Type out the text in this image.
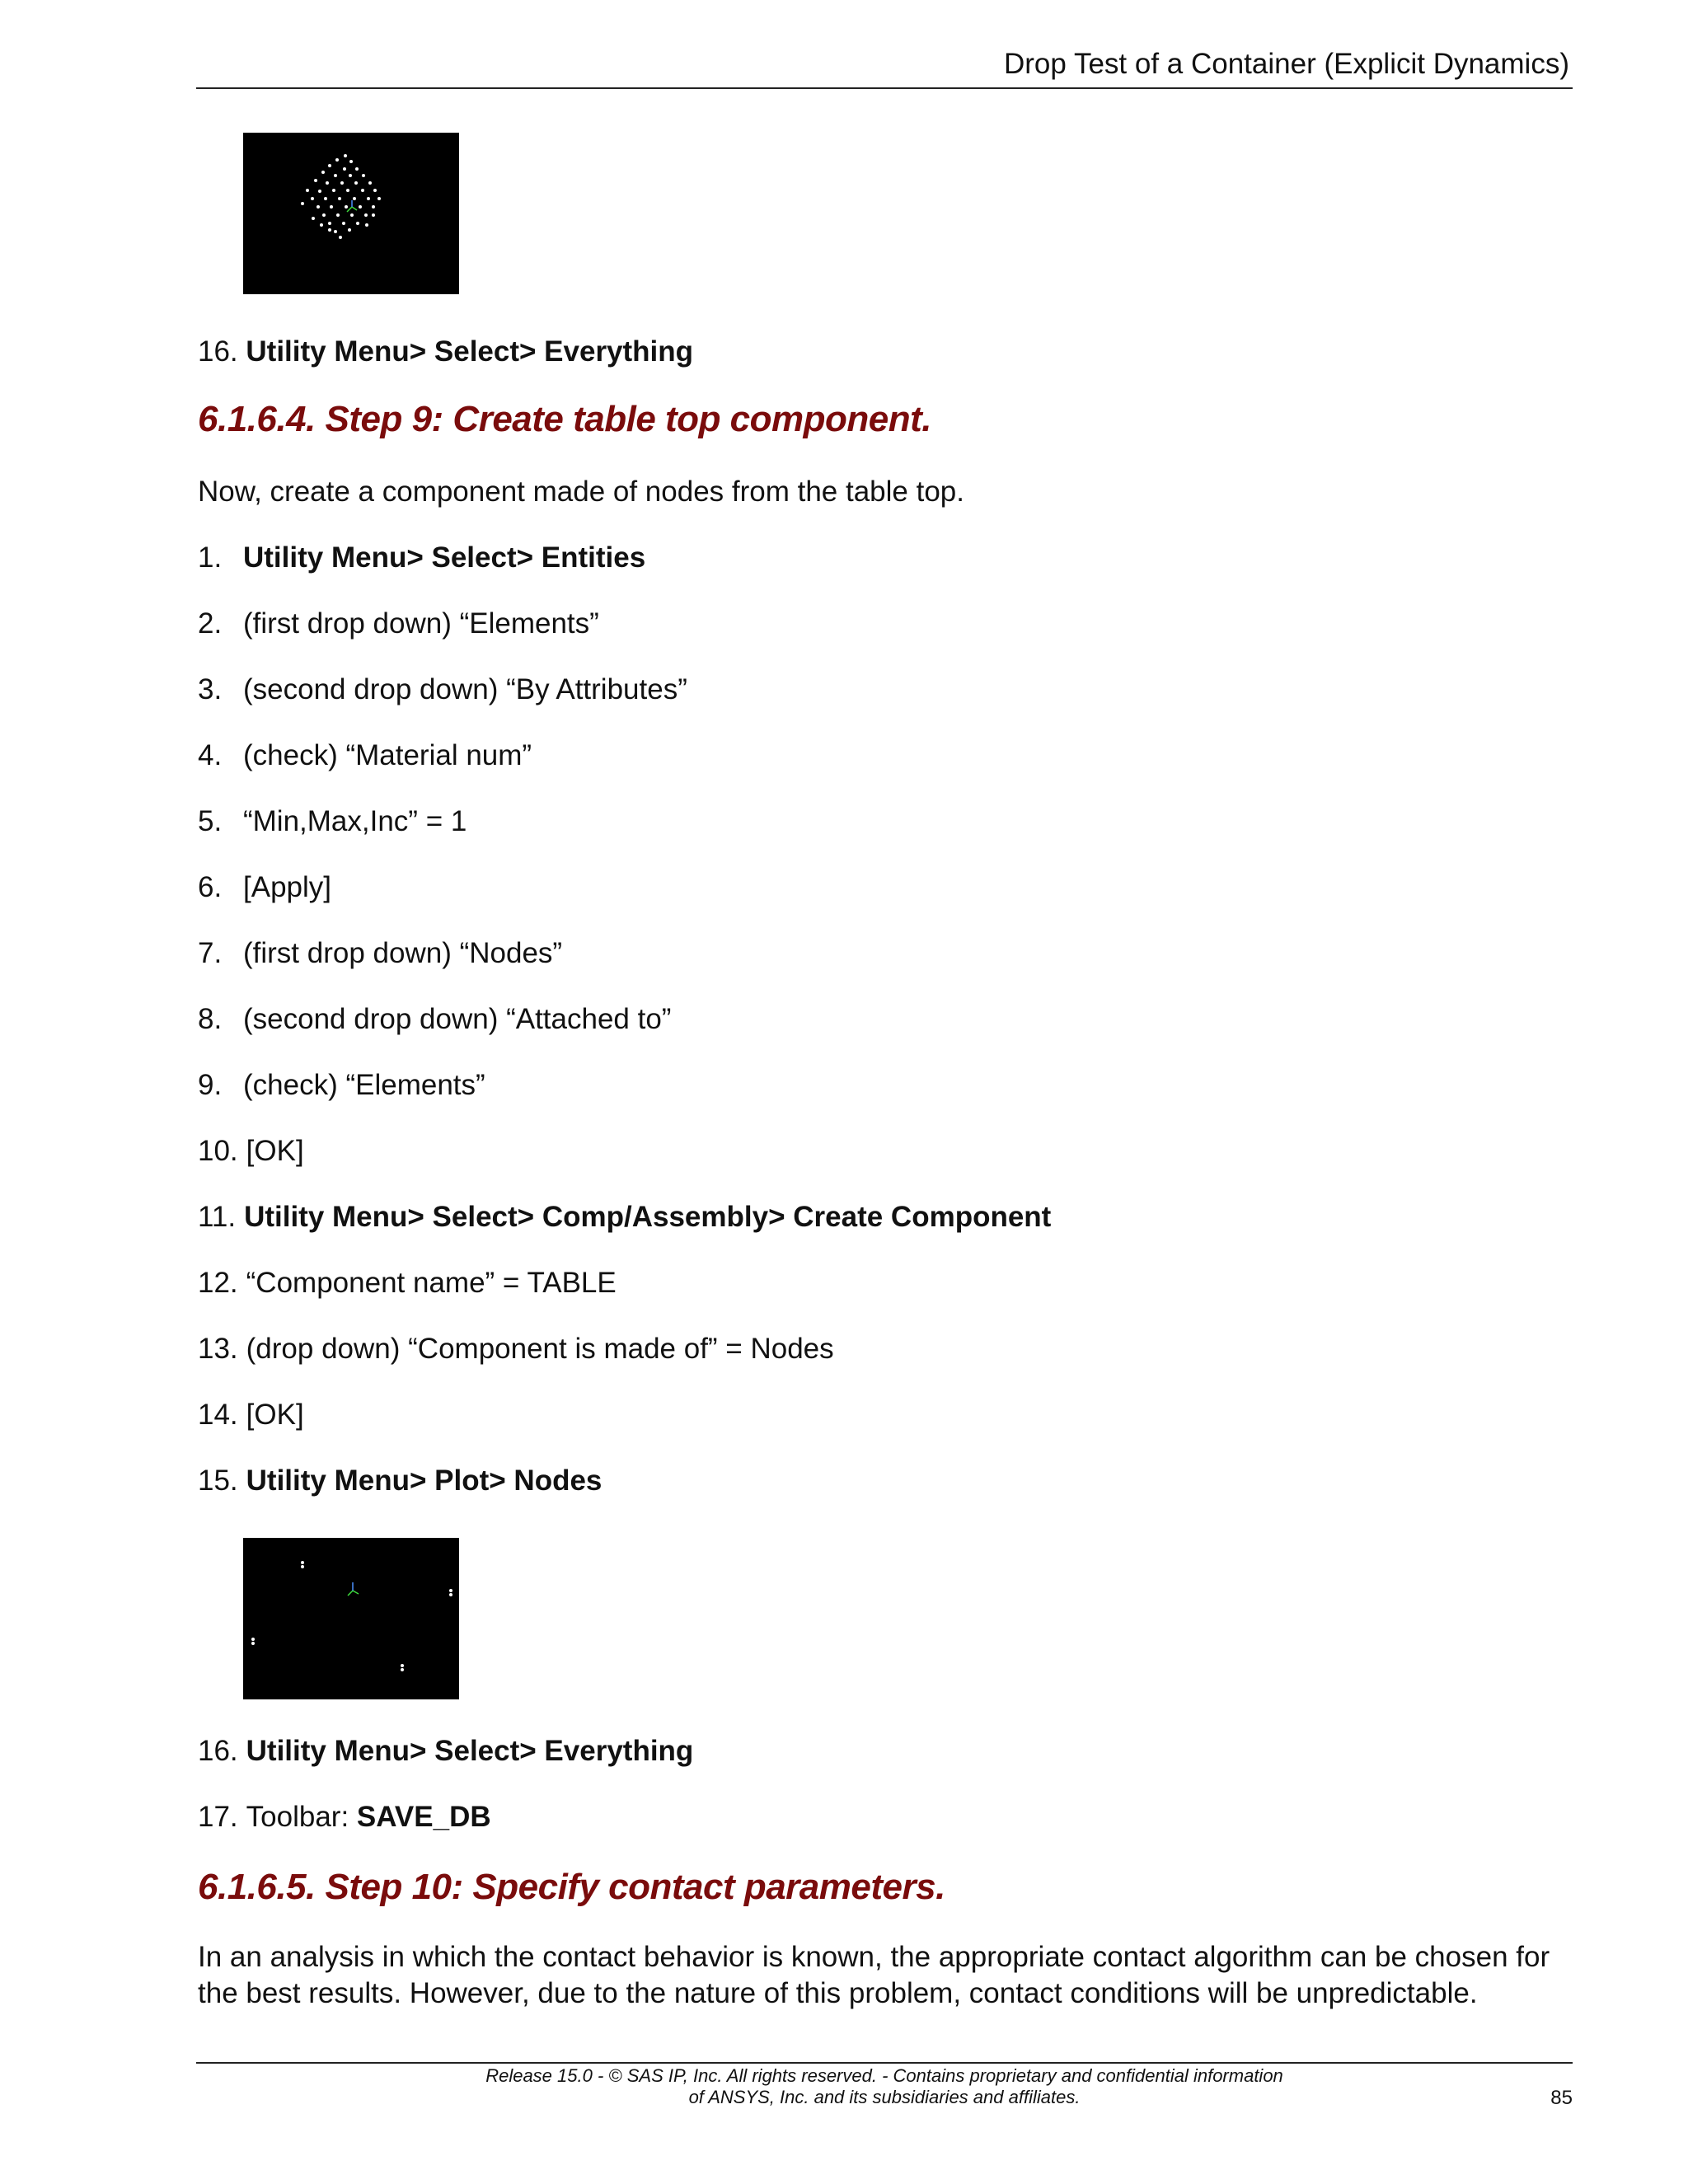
Drop Test of a Container (Explicit Dynamics)
16. Utility Menu> Select> Everything
6.1.6.4. Step 9: Create table top component.
Now, create a component made of nodes from the table top.
1. Utility Menu> Select> Entities
2. (first drop down) “Elements”
3. (second drop down) “By Attributes”
4. (check) “Material num”
5. “Min,Max,Inc” = 1
6. [Apply]
7. (first drop down) “Nodes”
8. (second drop down) “Attached to”
9. (check) “Elements”
10. [OK]
11. Utility Menu> Select> Comp/Assembly> Create Component
12. “Component name” = TABLE
13. (drop down) “Component is made of” = Nodes
14. [OK]
15. Utility Menu> Plot> Nodes
16. Utility Menu> Select> Everything
17. Toolbar: SAVE_DB
6.1.6.5. Step 10: Specify contact parameters.
In an analysis in which the contact behavior is known, the appropriate contact algorithm can be chosen for the best results. However, due to the nature of this problem, contact conditions will be unpredictable.
Release 15.0 - © SAS IP, Inc. All rights reserved. - Contains proprietary and confidential information
of ANSYS, Inc. and its subsidiaries and affiliates.	85
